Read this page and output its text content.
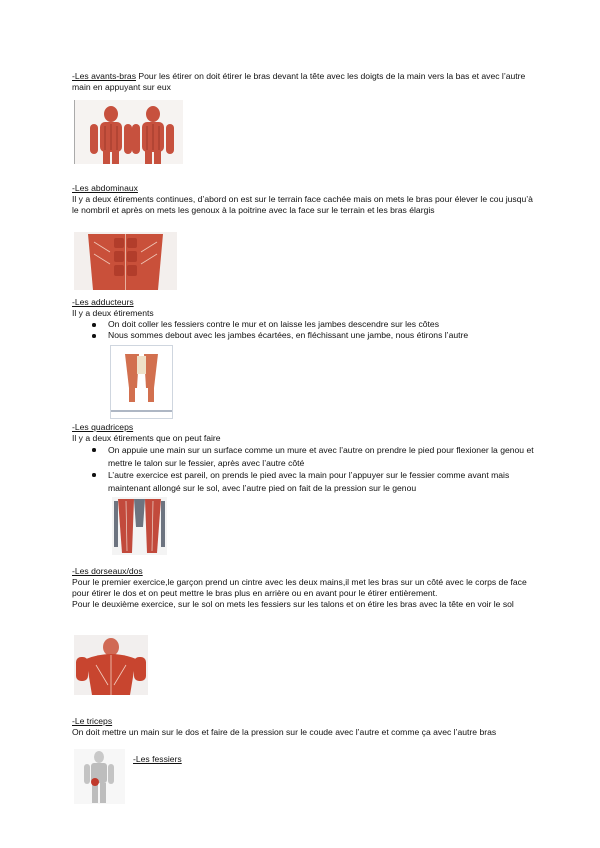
-Les avants-bras Pour les étirer on doit étirer le bras devant la tête avec les doigts de la main vers la bas et avec l’autre main en appuyant sur eux
-Les abdominaux
Il y a deux étirements continues, d’abord on est sur le terrain face cachée mais on mets le bras pour élever le cou jusqu’à le nombril et après on mets les genoux à la poitrine avec la face sur le terrain et les bras élargis
-Les adducteurs
Il y a deux étirements
On doit coller les fessiers contre le mur et on laisse les jambes descendre sur les côtes
Nous sommes debout avec les jambes écartées, en fléchissant une jambe, nous étirons l’autre
-Les quadriceps
Il y a deux étirements que on peut faire
On appuie une main sur un surface comme un mure et avec l’autre on prendre le pied pour flexioner la genou et mettre le talon sur le fessier, après avec l’autre côté
L’autre exercice est pareil, on prends le pied avec la main pour l’appuyer sur le fessier comme avant mais maintenant allongé sur le sol, avec l’autre pied on fait de la pression sur le genou
-Les dorseaux/dos
Pour le premier exercice,le garçon prend un cintre avec les deux mains,il met les bras sur un côté avec le corps de face pour étirer le dos et on peut mettre le bras plus en arrière ou en avant pour le étirer entièrement.
Pour le deuxième exercice, sur le sol on mets les fessiers sur les talons et on étire les bras avec la tête en voir le sol
-Le triceps
On doit mettre un main sur le dos et faire de la pression sur le coude avec l’autre et comme ça avec l’autre bras
-Les fessiers
